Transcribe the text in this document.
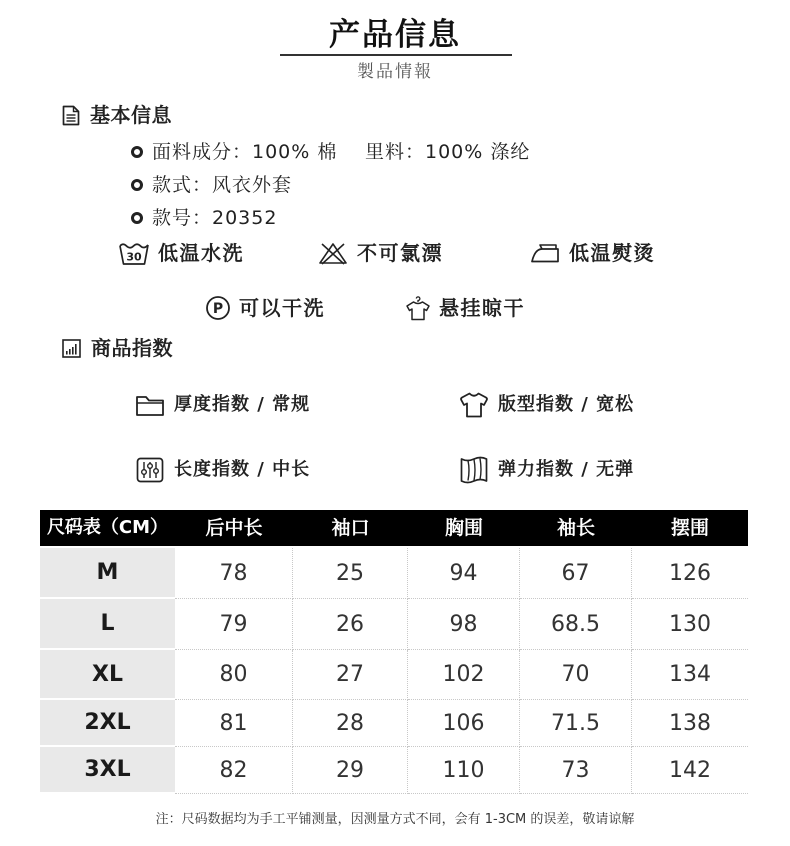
产品信息
製品情報
基本信息
面料成分：100% 棉 里料：100% 涤纶
款式：风衣外套
款号：20352
30 低温水洗	不可氯漂	低温熨烫
P 可以干洗	悬挂晾干
商品指数
厚度指数 / 常规	版型指数 / 宽松
长度指数 / 中长	弹力指数 / 无弹
尺码表（CM）	后中长	袖口	胸围	袖长	摆围
M	78	25	94	67	126
L	79	26	98	68.5	130
XL	80	27	102	70	134
2XL	81	28	106	71.5	138
3XL	82	29	110	73	142
注：尺码数据均为手工平铺测量，因测量方式不同，会有 1-3CM 的误差，敬请谅解
